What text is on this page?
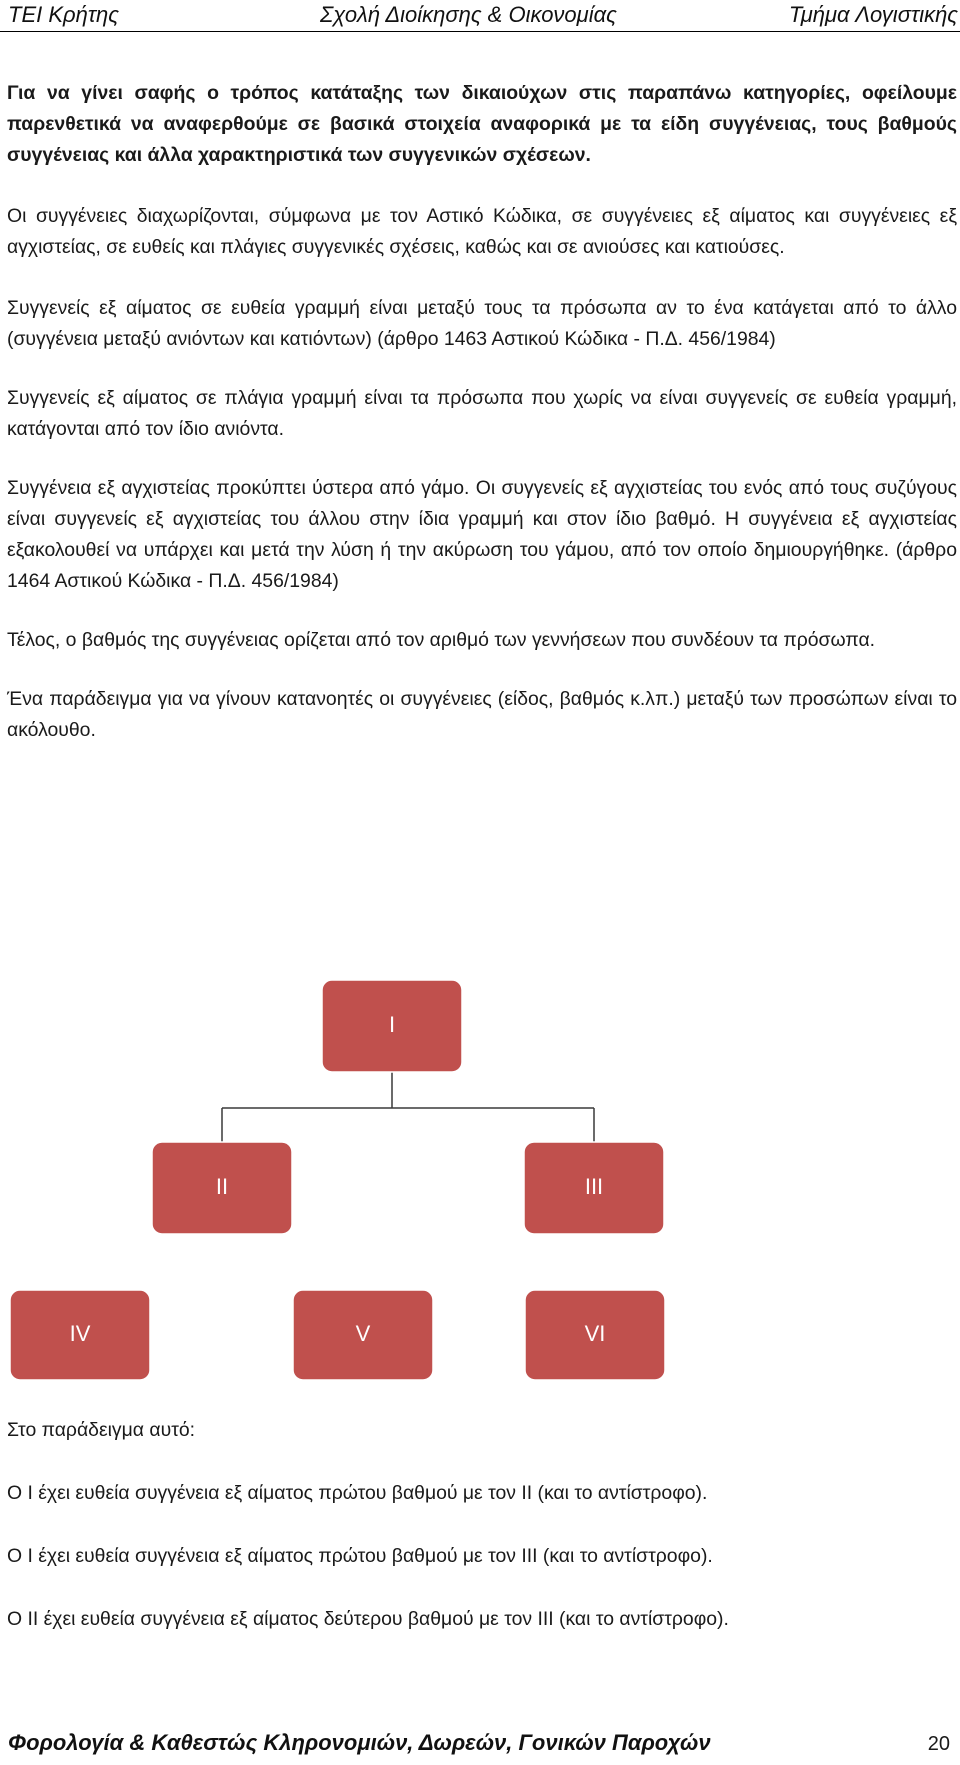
ΤΕΙ Κρήτης	Σχολή Διοίκησης & Οικονομίας	Τμήμα Λογιστικής

Για να γίνει σαφής ο τρόπος κατάταξης των δικαιούχων στις παραπάνω κατηγορίες, οφείλουμε παρενθετικά να αναφερθούμε σε βασικά στοιχεία αναφορικά με τα είδη συγγένειας, τους βαθμούς συγγένειας και άλλα χαρακτηριστικά των συγγενικών σχέσεων.

Οι συγγένειες διαχωρίζονται, σύμφωνα με τον Αστικό Κώδικα, σε συγγένειες εξ αίματος και συγγένειες εξ αγχιστείας, σε ευθείς και πλάγιες συγγενικές σχέσεις, καθώς και σε ανιούσες και κατιούσες.

Συγγενείς εξ αίματος σε ευθεία γραμμή είναι μεταξύ τους τα πρόσωπα αν το ένα κατάγεται από το άλλο (συγγένεια μεταξύ ανιόντων και κατιόντων) (άρθρο 1463 Αστικού Κώδικα - Π.Δ. 456/1984)

Συγγενείς εξ αίματος σε πλάγια γραμμή είναι τα πρόσωπα που χωρίς να είναι συγγενείς σε ευθεία γραμμή, κατάγονται από τον ίδιο ανιόντα.

Συγγένεια εξ αγχιστείας προκύπτει ύστερα από γάμο. Οι συγγενείς εξ αγχιστείας του ενός από τους συζύγους είναι συγγενείς εξ αγχιστείας του άλλου στην ίδια γραμμή και στον ίδιο βαθμό. Η συγγένεια εξ αγχιστείας εξακολουθεί να υπάρχει και μετά την λύση ή την ακύρωση του γάμου, από τον οποίο δημιουργήθηκε. (άρθρο 1464 Αστικού Κώδικα - Π.Δ. 456/1984)

Τέλος, ο βαθμός της συγγένειας ορίζεται από τον αριθμό των γεννήσεων που συνδέουν τα πρόσωπα.

Ένα παράδειγμα για να γίνουν κατανοητές οι συγγένειες (είδος, βαθμός κ.λπ.) μεταξύ των προσώπων είναι το ακόλουθο.

I
II	III
IV	V	VI

Στο παράδειγμα αυτό:

Ο Ι έχει ευθεία συγγένεια εξ αίματος πρώτου βαθμού με τον ΙΙ (και το αντίστροφο).

Ο Ι έχει ευθεία συγγένεια εξ αίματος πρώτου βαθμού με τον ΙΙΙ (και το αντίστροφο).

Ο ΙΙ έχει ευθεία συγγένεια εξ αίματος δεύτερου βαθμού με τον ΙΙΙ (και το αντίστροφο).

20
Φορολογία & Καθεστώς Κληρονομιών, Δωρεών, Γονικών Παροχών
